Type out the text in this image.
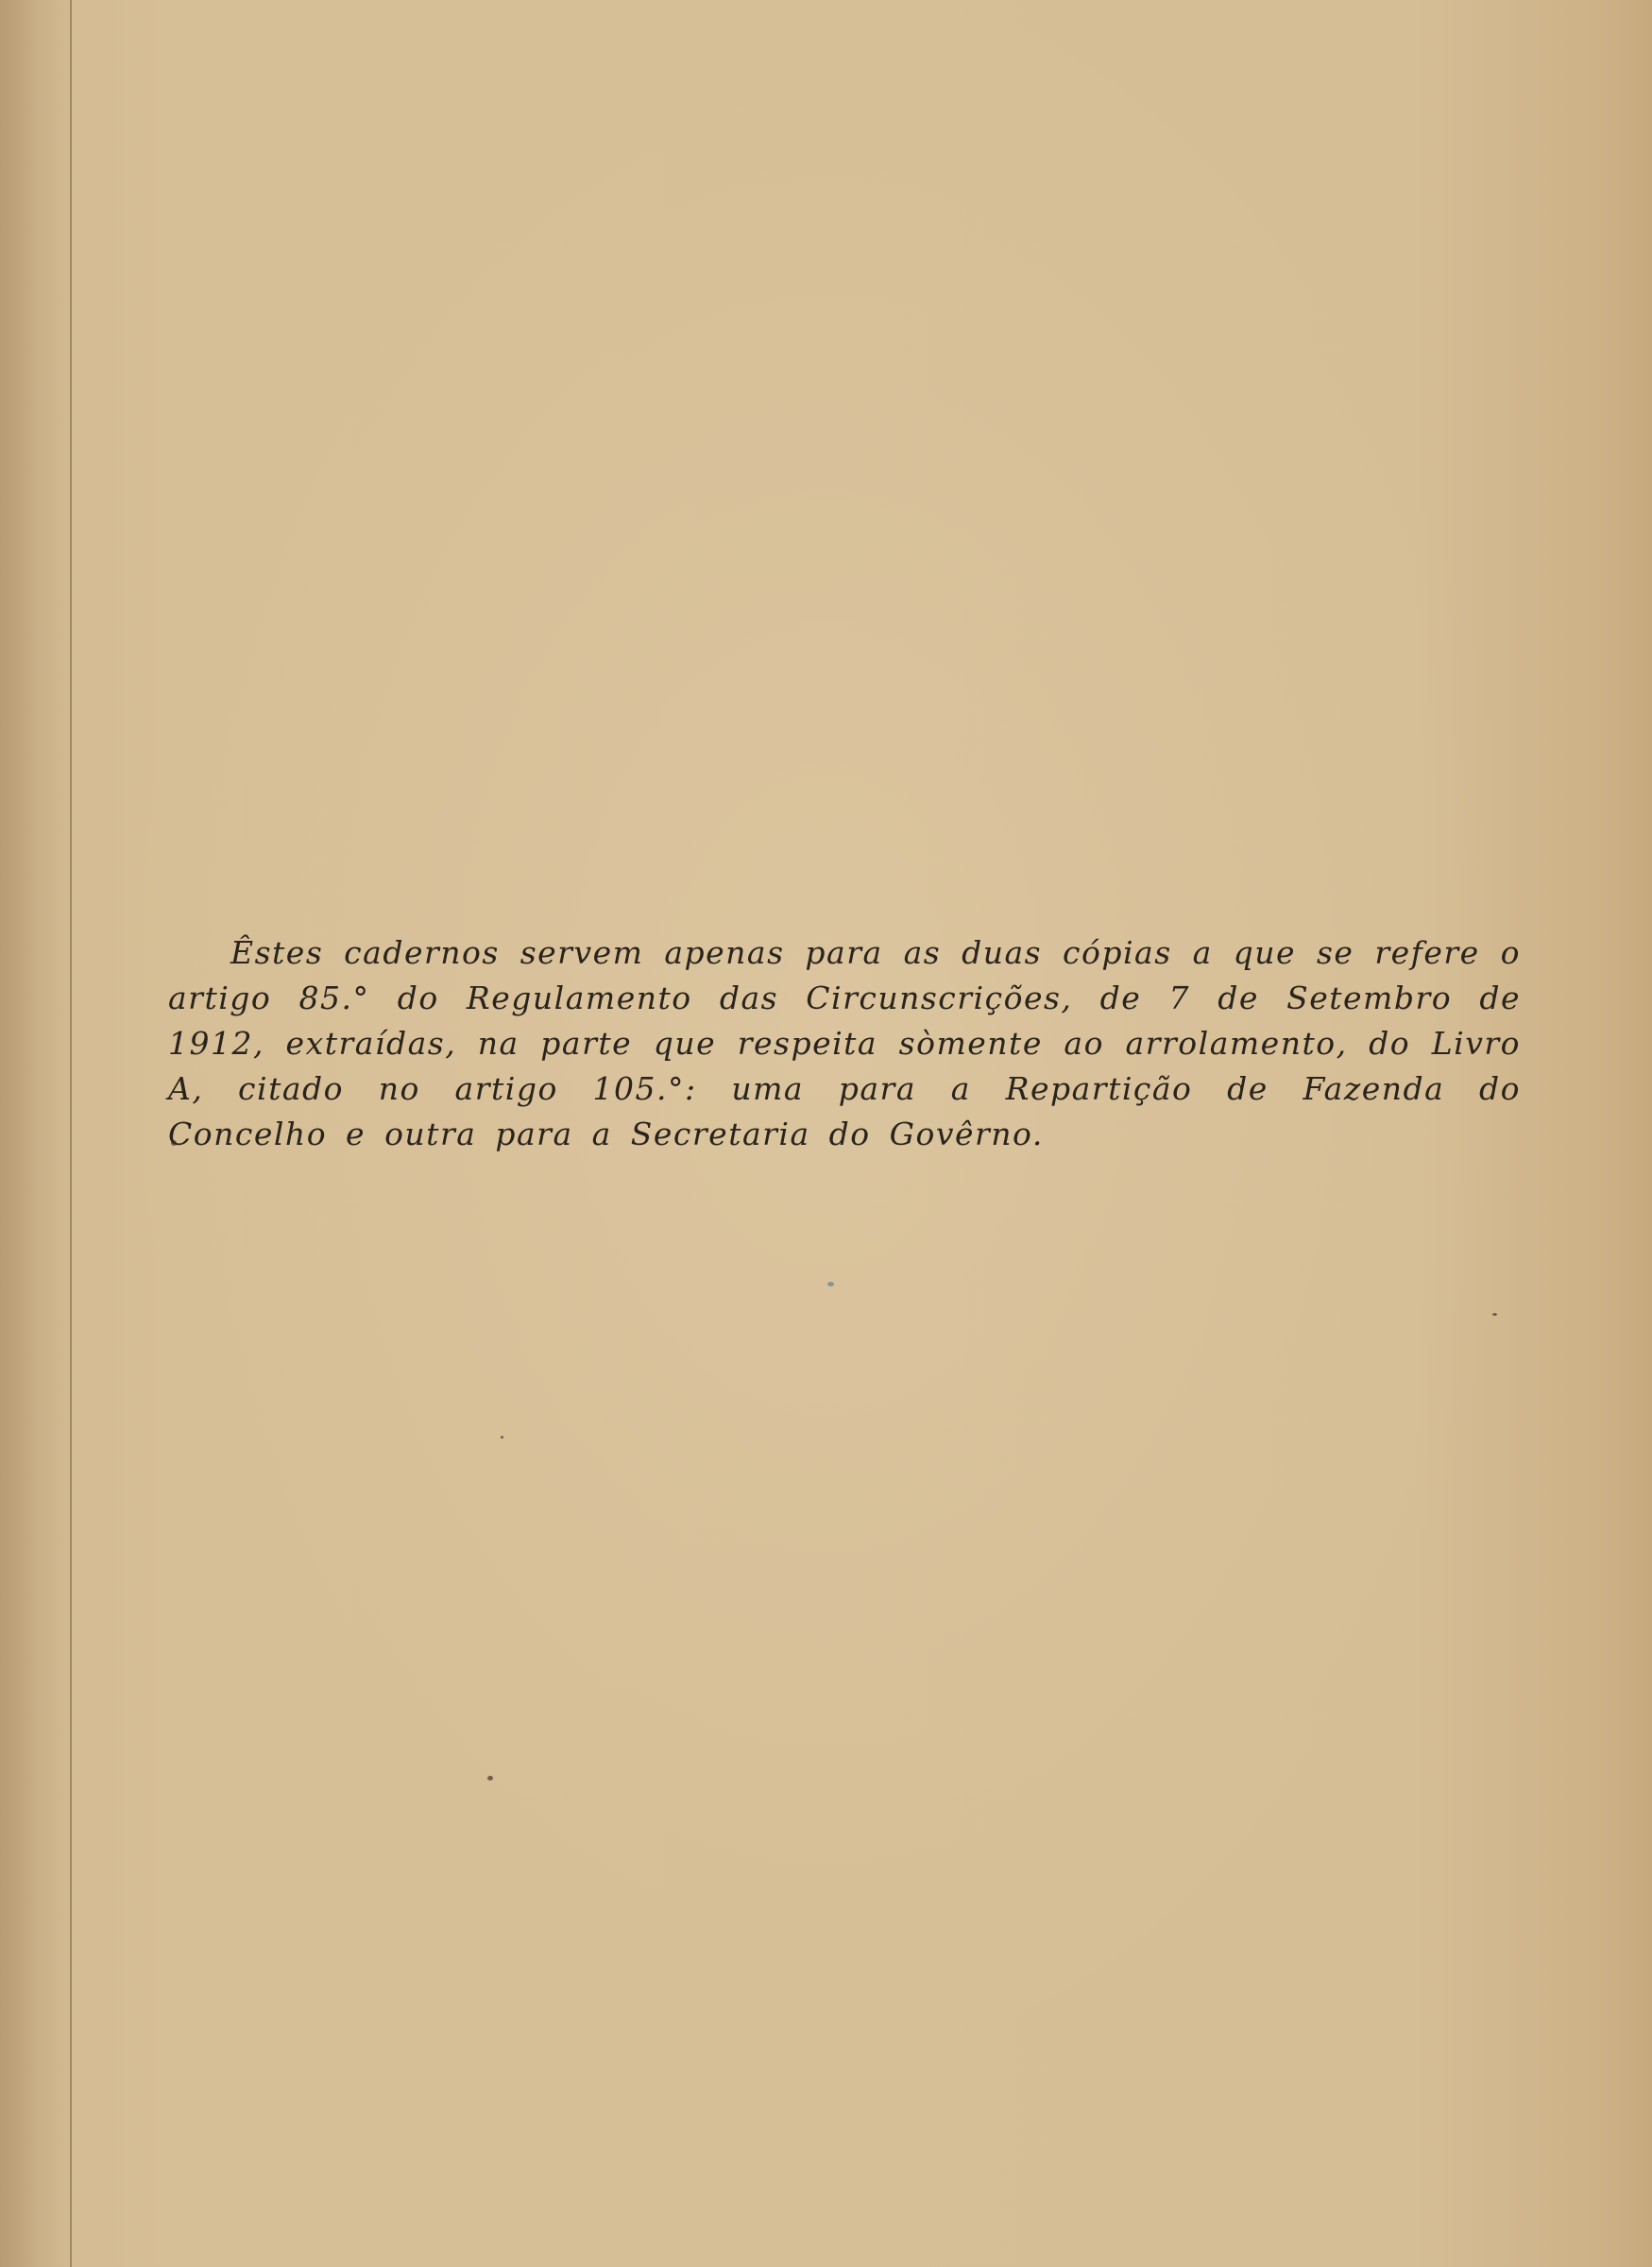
Êstes cadernos servem apenas para as duas cópias a que se refere o artigo 85.° do Regulamento das Circunscrições, de 7 de Setembro de 1912, extraídas, na parte que respeita sòmente ao arrolamento, do Livro A, citado no artigo 105.°: uma para a Repartição de Fazenda do Concelho e outra para a Secretaria do Govêrno.
